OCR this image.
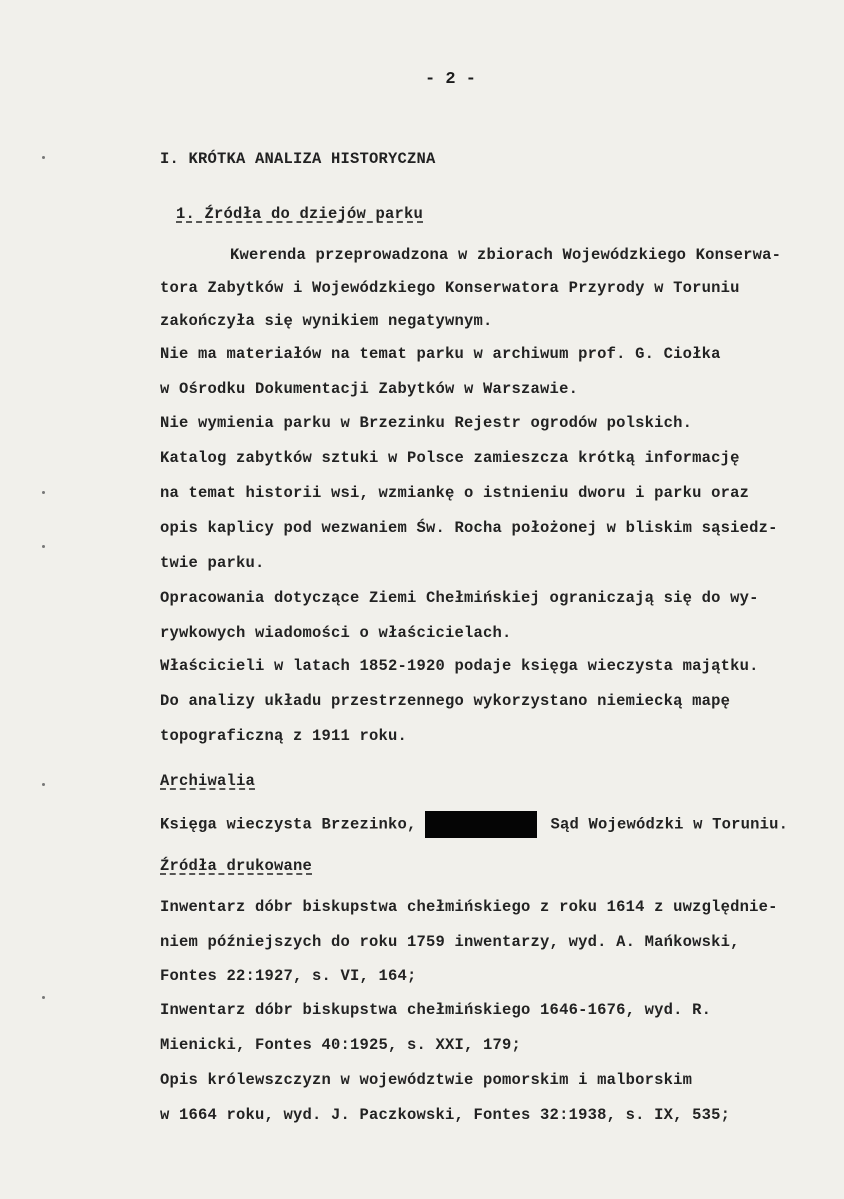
- 2 -
I. KRÓTKA ANALIZA HISTORYCZNA
1. Źródła do dziejów parku
Kwerenda przeprowadzona w zbiorach Wojewódzkiego Konserwa-
tora Zabytków i Wojewódzkiego Konserwatora Przyrody w Toruniu
zakończyła się wynikiem negatywnym.
Nie ma materiałów na temat parku w archiwum prof. G. Ciołka
w Ośrodku Dokumentacji Zabytków w Warszawie.
Nie wymienia parku w Brzezinku Rejestr ogrodów polskich.
Katalog zabytków sztuki w Polsce zamieszcza krótką informację
na temat historii wsi, wzmiankę o istnieniu dworu i parku oraz
opis kaplicy pod wezwaniem Św. Rocha położonej w bliskim sąsiedz-
twie parku.
Opracowania dotyczące Ziemi Chełmińskiej ograniczają się do wy-
rywkowych wiadomości o właścicielach.
Właścicieli w latach 1852-1920 podaje księga wieczysta majątku.
Do analizy układu przestrzennego wykorzystano niemiecką mapę
topograficzną z 1911 roku.
Archiwalia
Księga wieczysta Brzezinko,	Sąd Wojewódzki w Toruniu.
Źródła drukowane
Inwentarz dóbr biskupstwa chełmińskiego z roku 1614 z uwzględnie-
niem późniejszych do roku 1759 inwentarzy, wyd. A. Mańkowski,
Fontes 22:1927, s. VI, 164;
Inwentarz dóbr biskupstwa chełmińskiego 1646-1676, wyd. R.
Mienicki, Fontes 40:1925, s. XXI, 179;
Opis królewszczyzn w województwie pomorskim i malborskim
w 1664 roku, wyd. J. Paczkowski, Fontes 32:1938, s. IX, 535;
